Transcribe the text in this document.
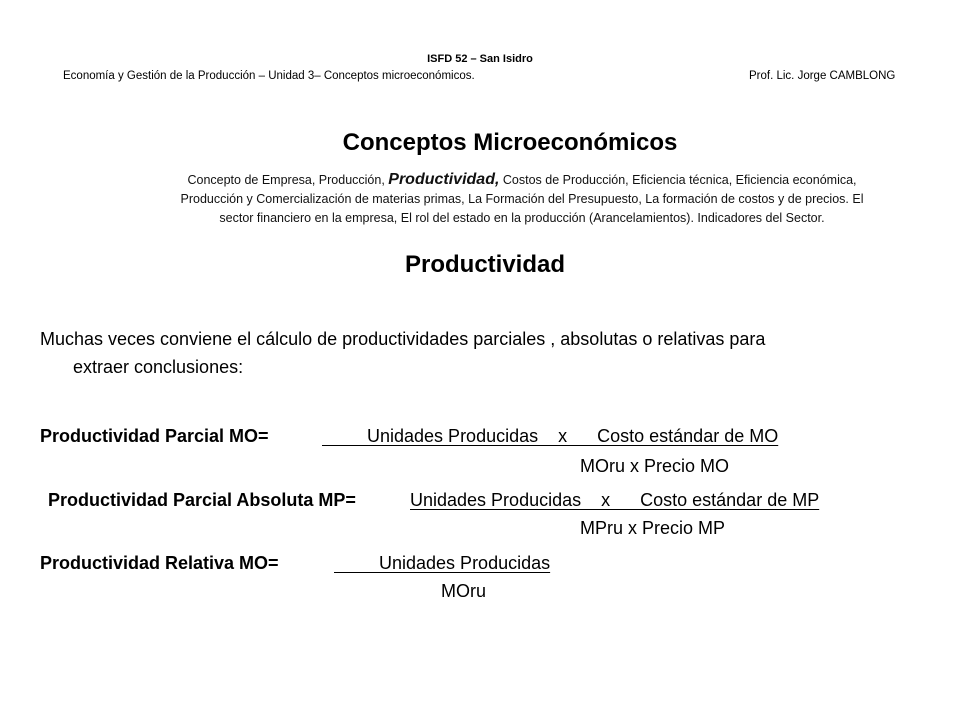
ISFD 52 – San Isidro
Economía y Gestión de la Producción – Unidad 3– Conceptos microeconómicos.	Prof. Lic. Jorge CAMBLONG
Conceptos Microeconómicos
Concepto de Empresa, Producción, Productividad, Costos de Producción, Eficiencia técnica, Eficiencia económica,
Producción y Comercialización de materias primas, La Formación del Presupuesto, La formación de costos y de precios. El
sector financiero en la empresa, El rol del estado en la producción (Arancelamientos). Indicadores del Sector.
Productividad
Muchas veces conviene el cálculo de productividades parciales , absolutas o relativas para
extraer conclusiones:
Productividad Parcial MO=	Unidades Producidas    x      Costo estándar de MO
MOru x Precio MO
Productividad Parcial Absoluta MP=	Unidades Producidas    x      Costo estándar de MP
MPru x Precio MP
Productividad Relativa MO=	Unidades Producidas
MOru
